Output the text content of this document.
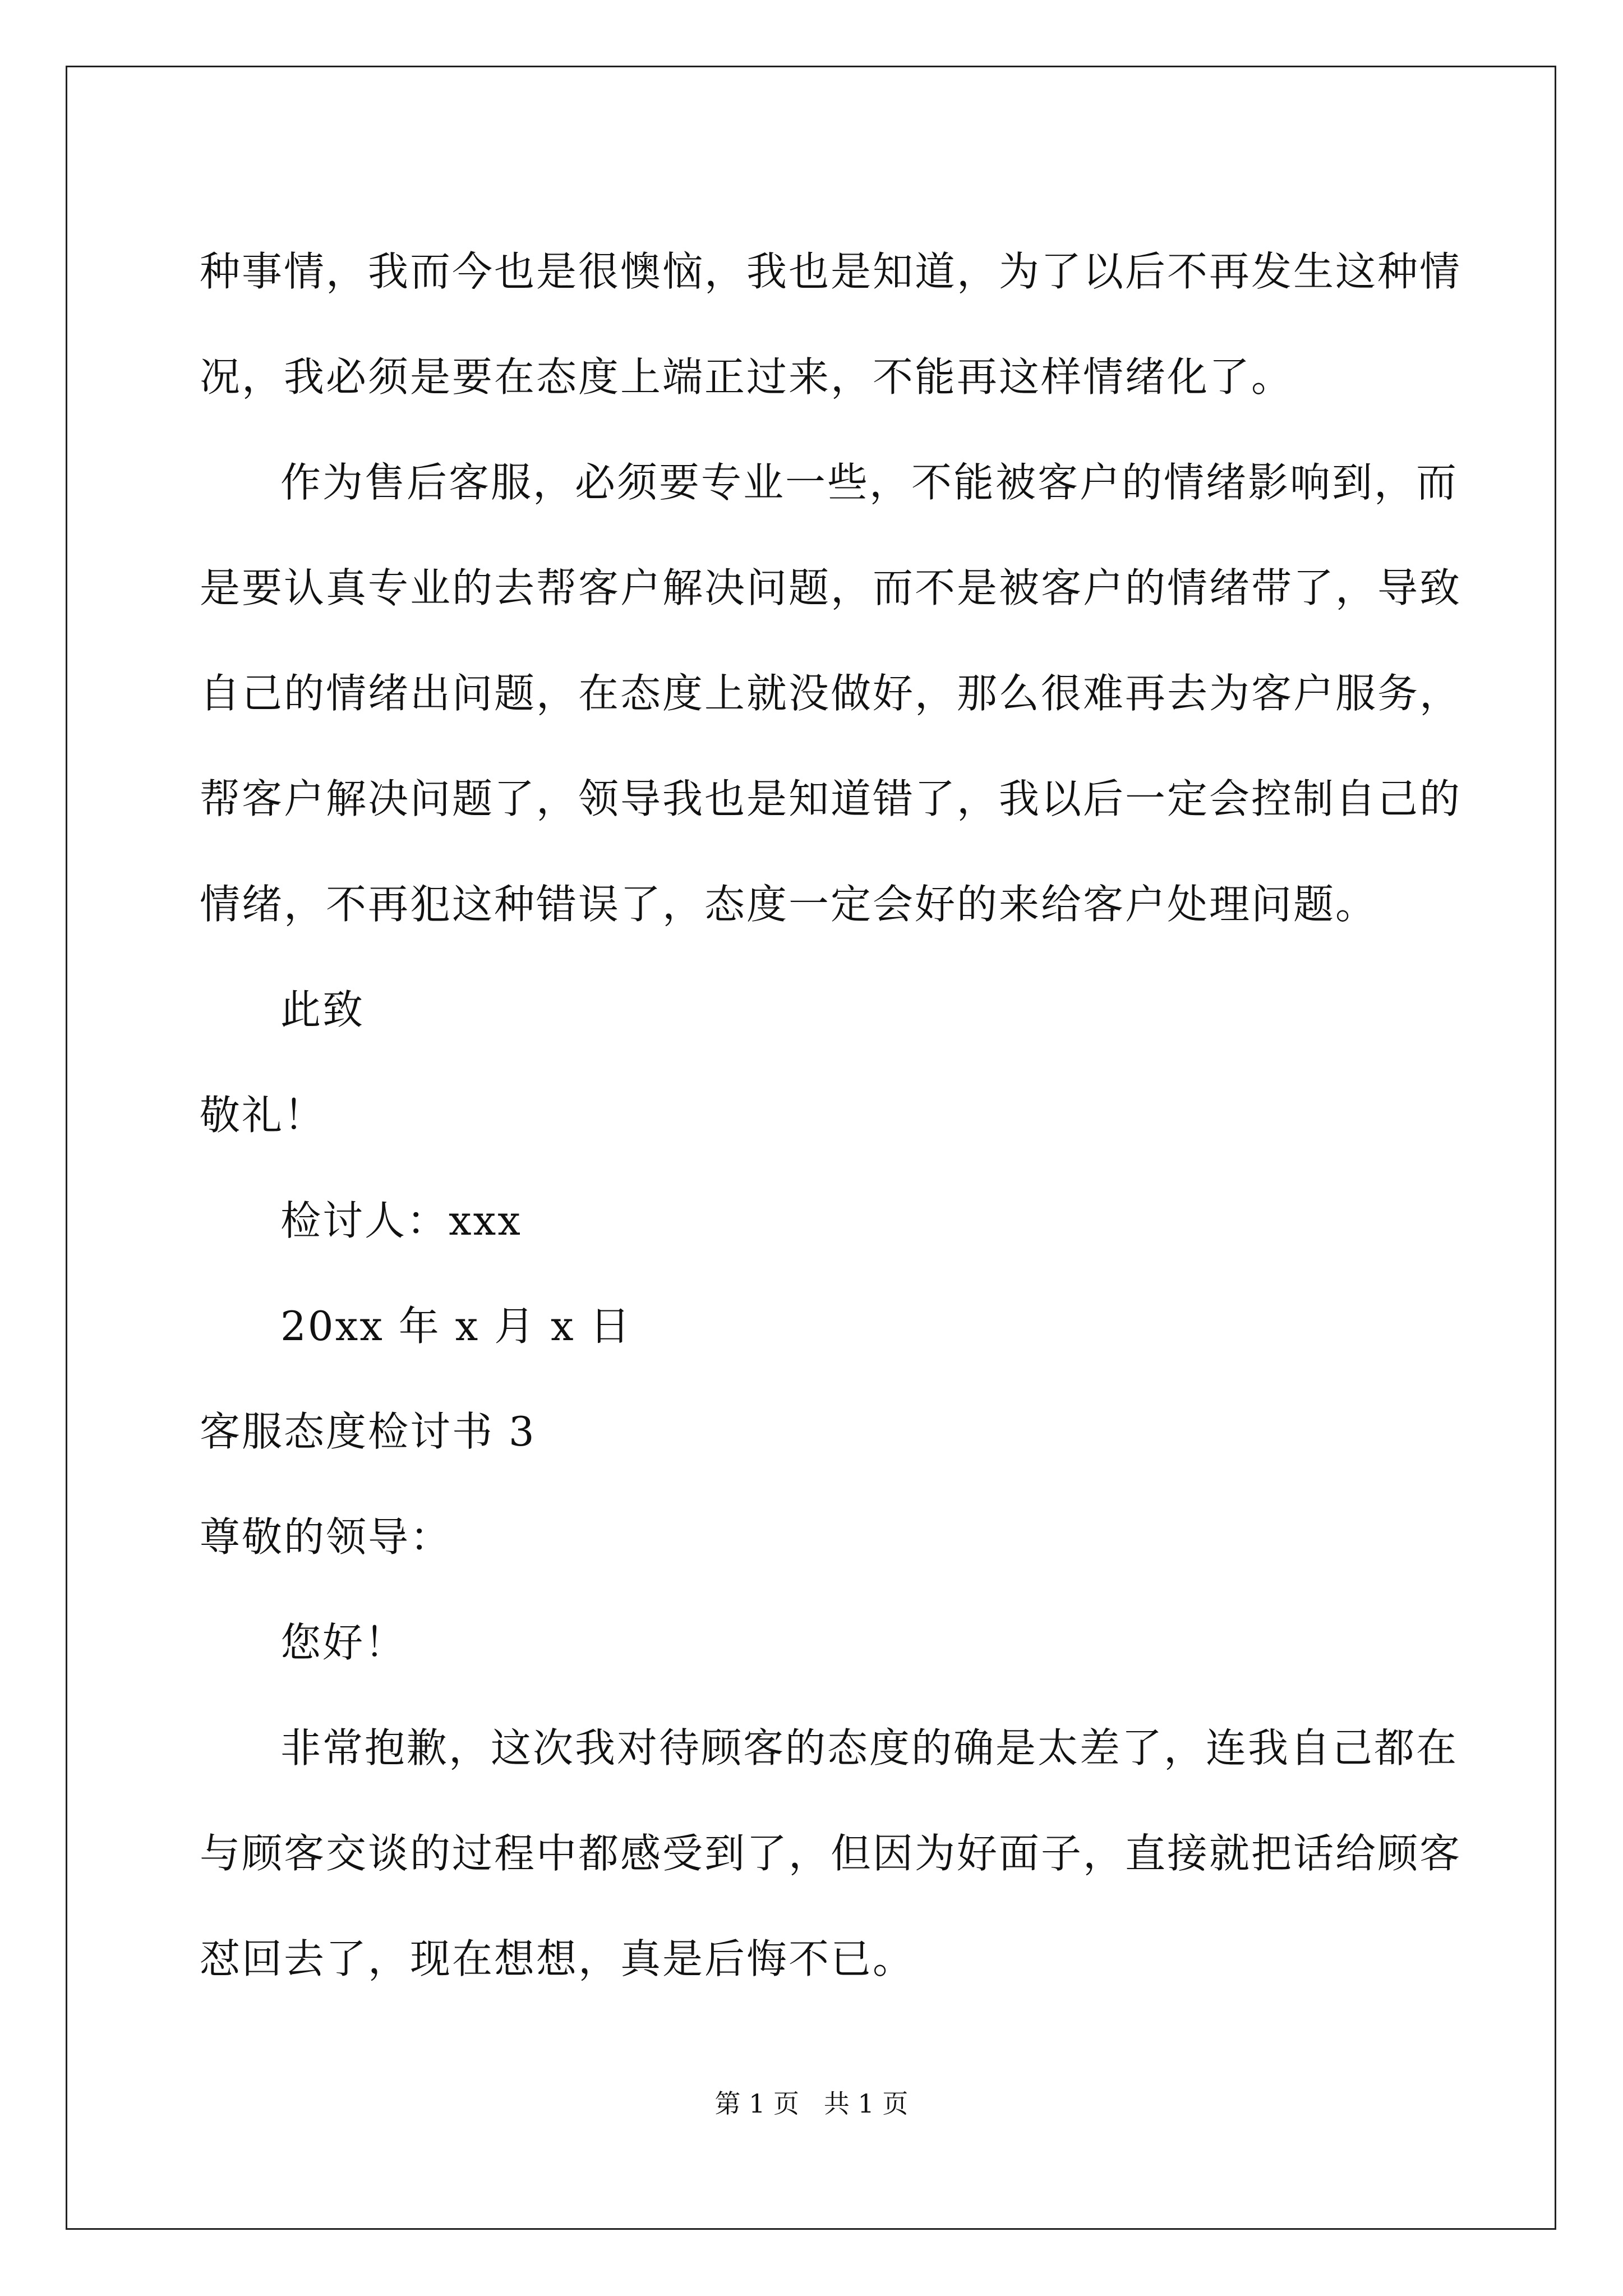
种事情，我而今也是很懊恼，我也是知道，为了以后不再发生这种情
况，我必须是要在态度上端正过来，不能再这样情绪化了。
作为售后客服，必须要专业一些，不能被客户的情绪影响到，而
是要认真专业的去帮客户解决问题，而不是被客户的情绪带了，导致
自己的情绪出问题，在态度上就没做好，那么很难再去为客户服务，
帮客户解决问题了，领导我也是知道错了，我以后一定会控制自己的
情绪，不再犯这种错误了，态度一定会好的来给客户处理问题。
此致
敬礼！
检讨人：xxx
20xx 年 x 月 x 日
客服态度检讨书 3
尊敬的领导：
您好！
非常抱歉，这次我对待顾客的态度的确是太差了，连我自己都在
与顾客交谈的过程中都感受到了，但因为好面子，直接就把话给顾客
怼回去了，现在想想，真是后悔不已。
第 1 页   共 1 页
